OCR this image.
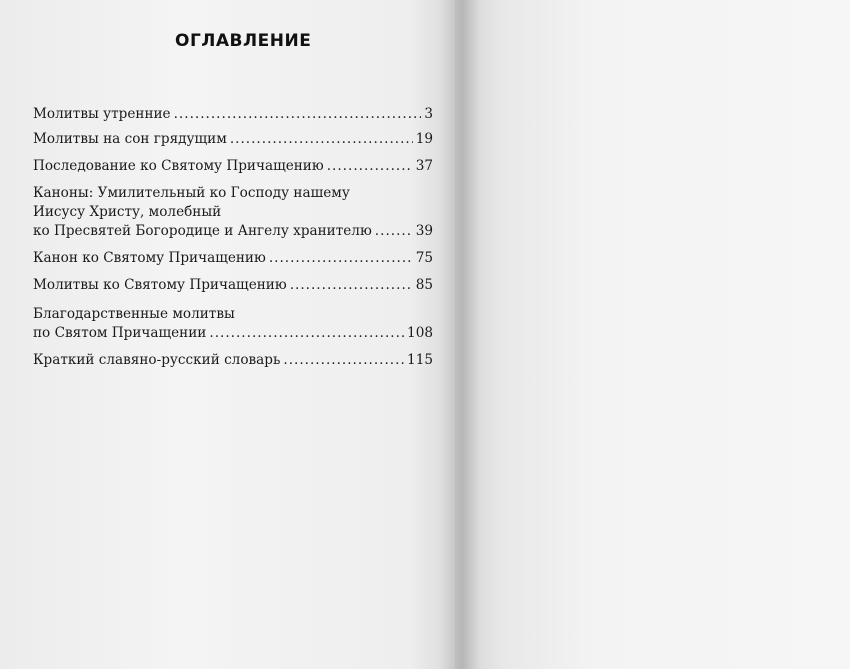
ОГЛАВЛЕНИЕ
Молитвы утренние .....	3
Молитвы на сон грядущим .....	19
Последование ко Святому Причащению .....	37
Каноны: Умилительный ко Господу нашему
Иисусу Христу, молебный
ко Пресвятей Богородице и Ангелу хранителю .....	39
Канон ко Святому Причащению .....	75
Молитвы ко Святому Причащению .....	85
Благодарственные молитвы
по Святом Причащении .....	108
Краткий славяно-русский словарь .....	115
